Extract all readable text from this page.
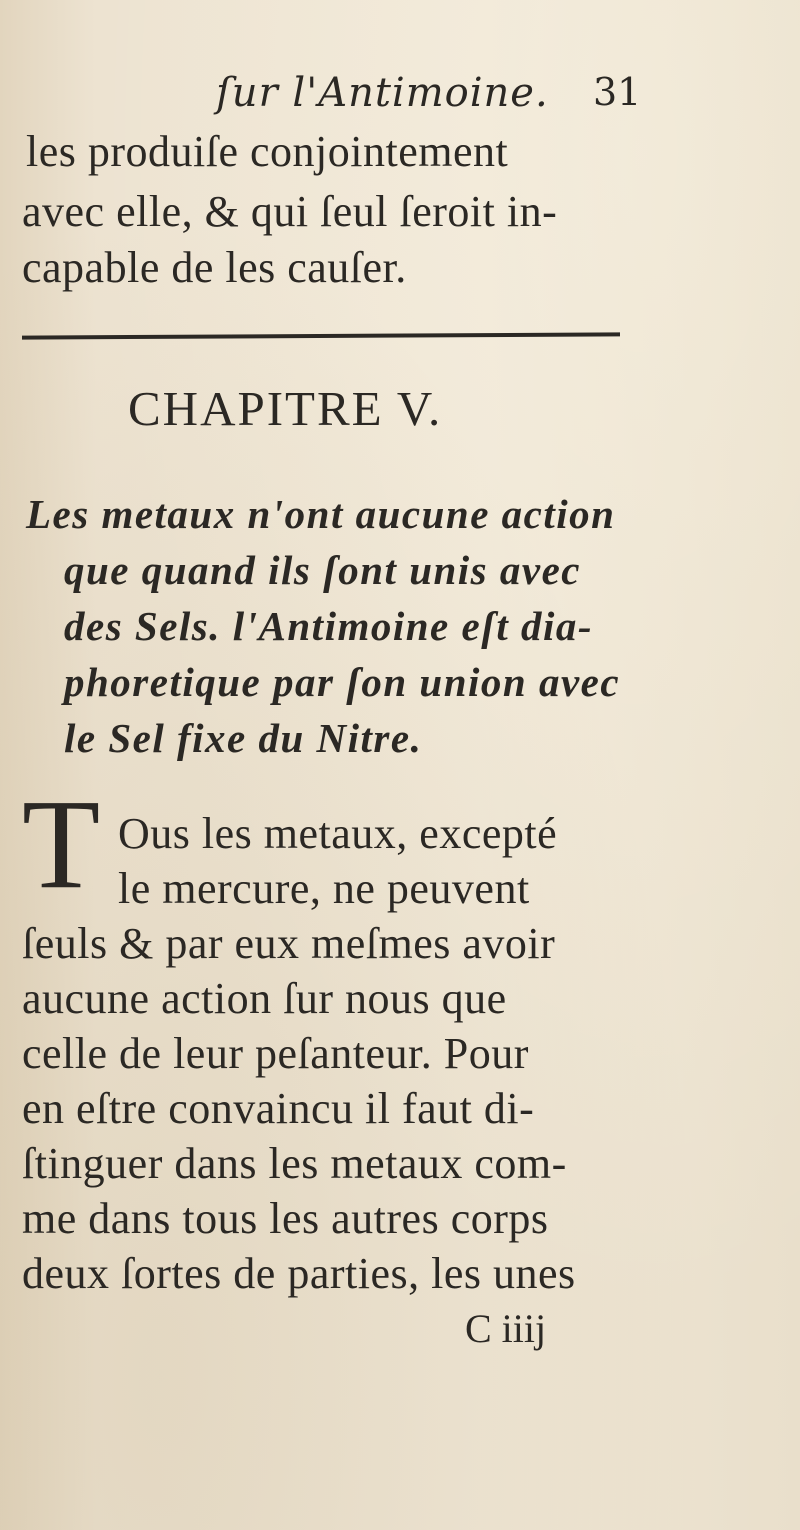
ſur l'Antimoine. 31
les produiſe conjointement
avec elle, & qui ſeul ſeroit in-
capable de les cauſer.
CHAPITRE V.
Les metaux n'ont aucune action
que quand ils ſont unis avec
des Sels. l'Antimoine eſt dia-
phoretique par ſon union avec
le Sel fixe du Nitre.
T Ous les metaux, excepté
le mercure, ne peuvent
ſeuls & par eux meſmes avoir
aucune action ſur nous que
celle de leur peſanteur. Pour
en eſtre convaincu il faut di-
ſtinguer dans les metaux com-
me dans tous les autres corps
deux ſortes de parties, les unes
C iiij
